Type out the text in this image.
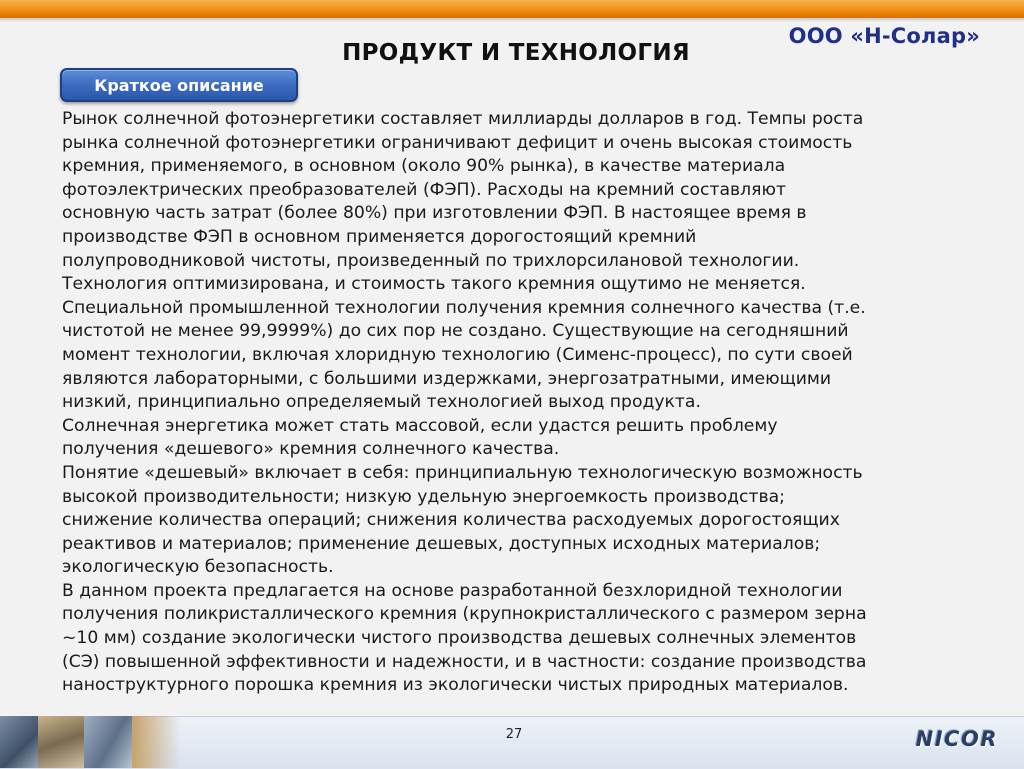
ООО «Н-Солар»
ПРОДУКТ И ТЕХНОЛОГИЯ
Краткое описание

Рынок солнечной фотоэнергетики составляет миллиарды долларов в год. Темпы роста

рынка солнечной фотоэнергетики ограничивают дефицит и очень высокая стоимость

кремния, применяемого, в основном (около 90% рынка), в качестве материала

фотоэлектрических преобразователей (ФЭП). Расходы на кремний составляют

основную часть затрат (более 80%) при изготовлении ФЭП. В настоящее время в

производстве ФЭП в основном применяется дорогостоящий кремний

полупроводниковой чистоты, произведенный по трихлорсилановой технологии.

Технология оптимизирована, и стоимость такого кремния ощутимо не меняется.

Специальной промышленной технологии получения кремния солнечного качества (т.е.

чистотой не менее 99,9999%) до сих пор не создано. Существующие на сегодняшний

момент технологии, включая хлоридную технологию (Сименс-процесс), по сути своей

являются лабораторными, с большими издержками, энергозатратными, имеющими

низкий, принципиально определяемый технологией выход продукта.

Солнечная энергетика может стать массовой, если удастся решить проблему

получения «дешевого» кремния солнечного качества.

Понятие «дешевый» включает в себя: принципиальную технологическую возможность

высокой производительности; низкую удельную энергоемкость производства;

снижение количества операций; снижения количества расходуемых дорогостоящих

реактивов и материалов; применение дешевых, доступных исходных материалов;

экологическую безопасность.

В данном проекта предлагается на основе разработанной безхлоридной технологии

получения поликристаллического кремния (крупнокристаллического с размером зерна

~10 мм) создание экологически чистого производства дешевых солнечных элементов

(СЭ) повышенной эффективности и надежности, и в частности: создание производства

наноструктурного порошка кремния из экологически чистых природных материалов.

27	NICOR
